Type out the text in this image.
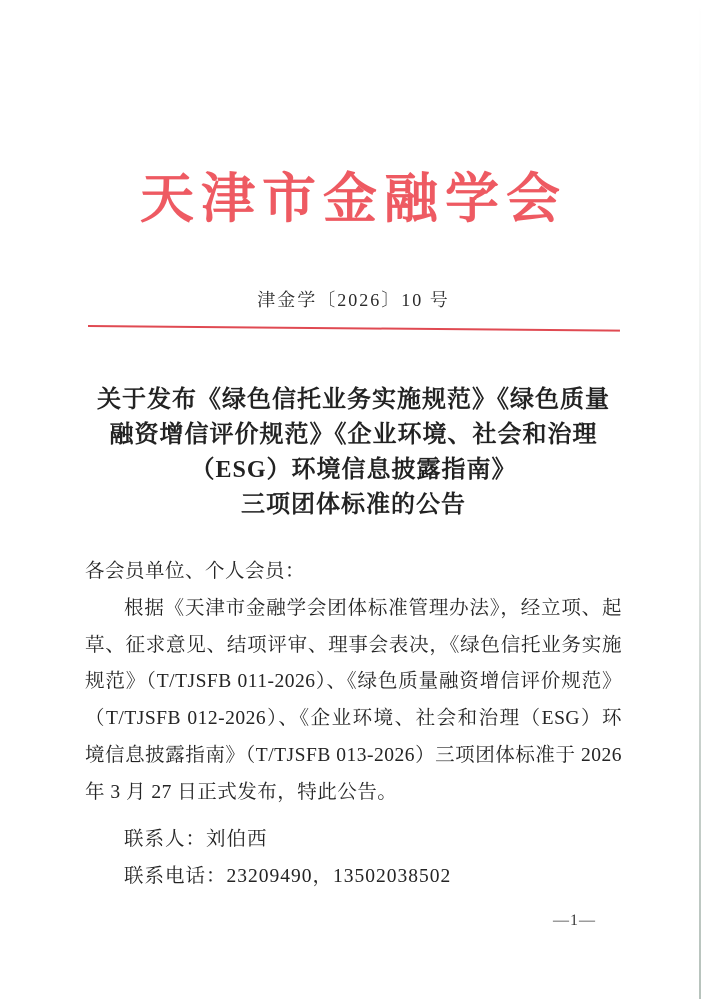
天津市金融学会
津金学〔2026〕10 号
关于发布《绿色信托业务实施规范》《绿色质量
融资增信评价规范》《企业环境、社会和治理
（ESG）环境信息披露指南》
三项团体标准的公告
各会员单位、个人会员：

根据《天津市金融学会团体标准管理办法》，经立项、起草、征求意见、结项评审、理事会表决，《绿色信托业务实施规范》（T/TJSFB 011-2026）、《绿色质量融资增信评价规范》（T/TJSFB 012-2026）、《企业环境、社会和治理（ESG）环境信息披露指南》（T/TJSFB 013-2026）三项团体标准于 2026 年 3 月 27 日正式发布，特此公告。

联系人：刘伯西
联系电话：23209490，13502038502
—1—
